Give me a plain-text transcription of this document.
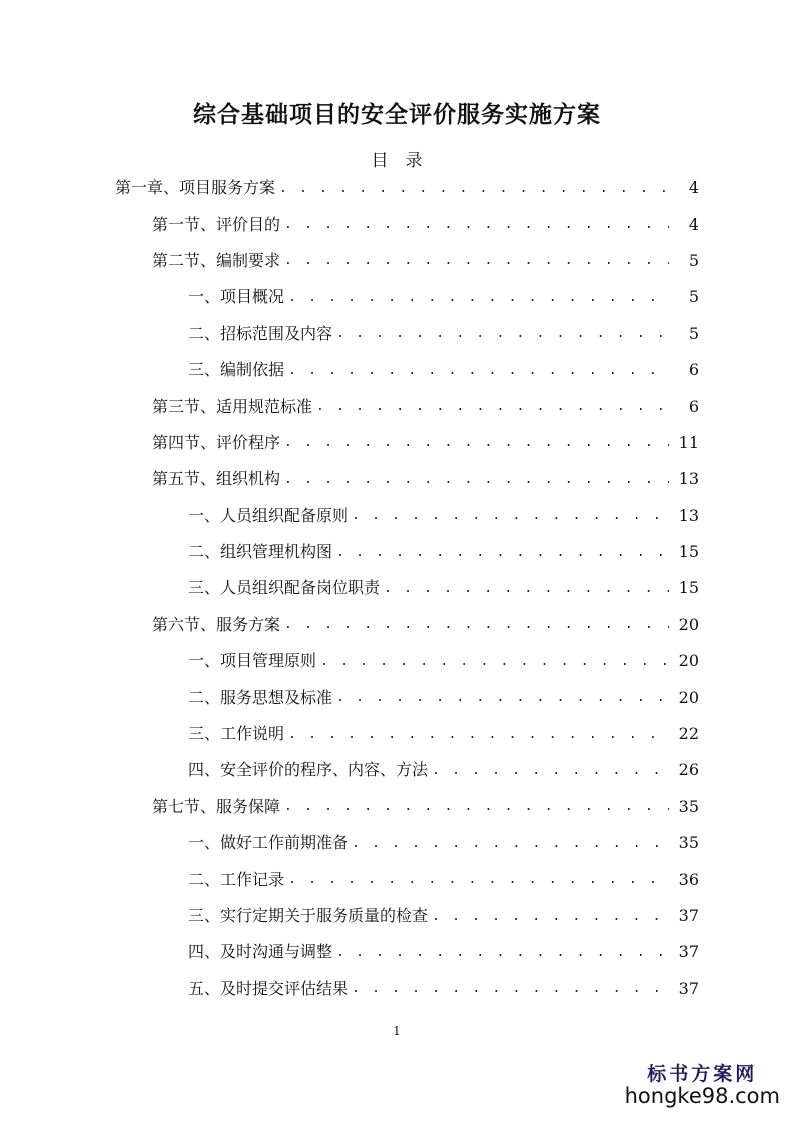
综合基础项目的安全评价服务实施方案
目　录
第一章、项目服务方案 . . .	4
第一节、评价目的 . . .	4
第二节、编制要求 . . .	5
一、项目概况 . . .	5
二、招标范围及内容 . . .	5
三、编制依据 . . .	6
第三节、适用规范标准 . . .	6
第四节、评价程序 . . .	11
第五节、组织机构 . . .	13
一、人员组织配备原则 . . .	13
二、组织管理机构图 . . .	15
三、人员组织配备岗位职责 . . .	15
第六节、服务方案 . . .	20
一、项目管理原则 . . .	20
二、服务思想及标准 . . .	20
三、工作说明 . . .	22
四、安全评价的程序、内容、方法 . . .	26
第七节、服务保障 . . .	35
一、做好工作前期准备 . . .	35
二、工作记录 . . .	36
三、实行定期关于服务质量的检查 . . .	37
四、及时沟通与调整 . . .	37
五、及时提交评估结果 . . .	37
1
标书方案网
hongke98.com
